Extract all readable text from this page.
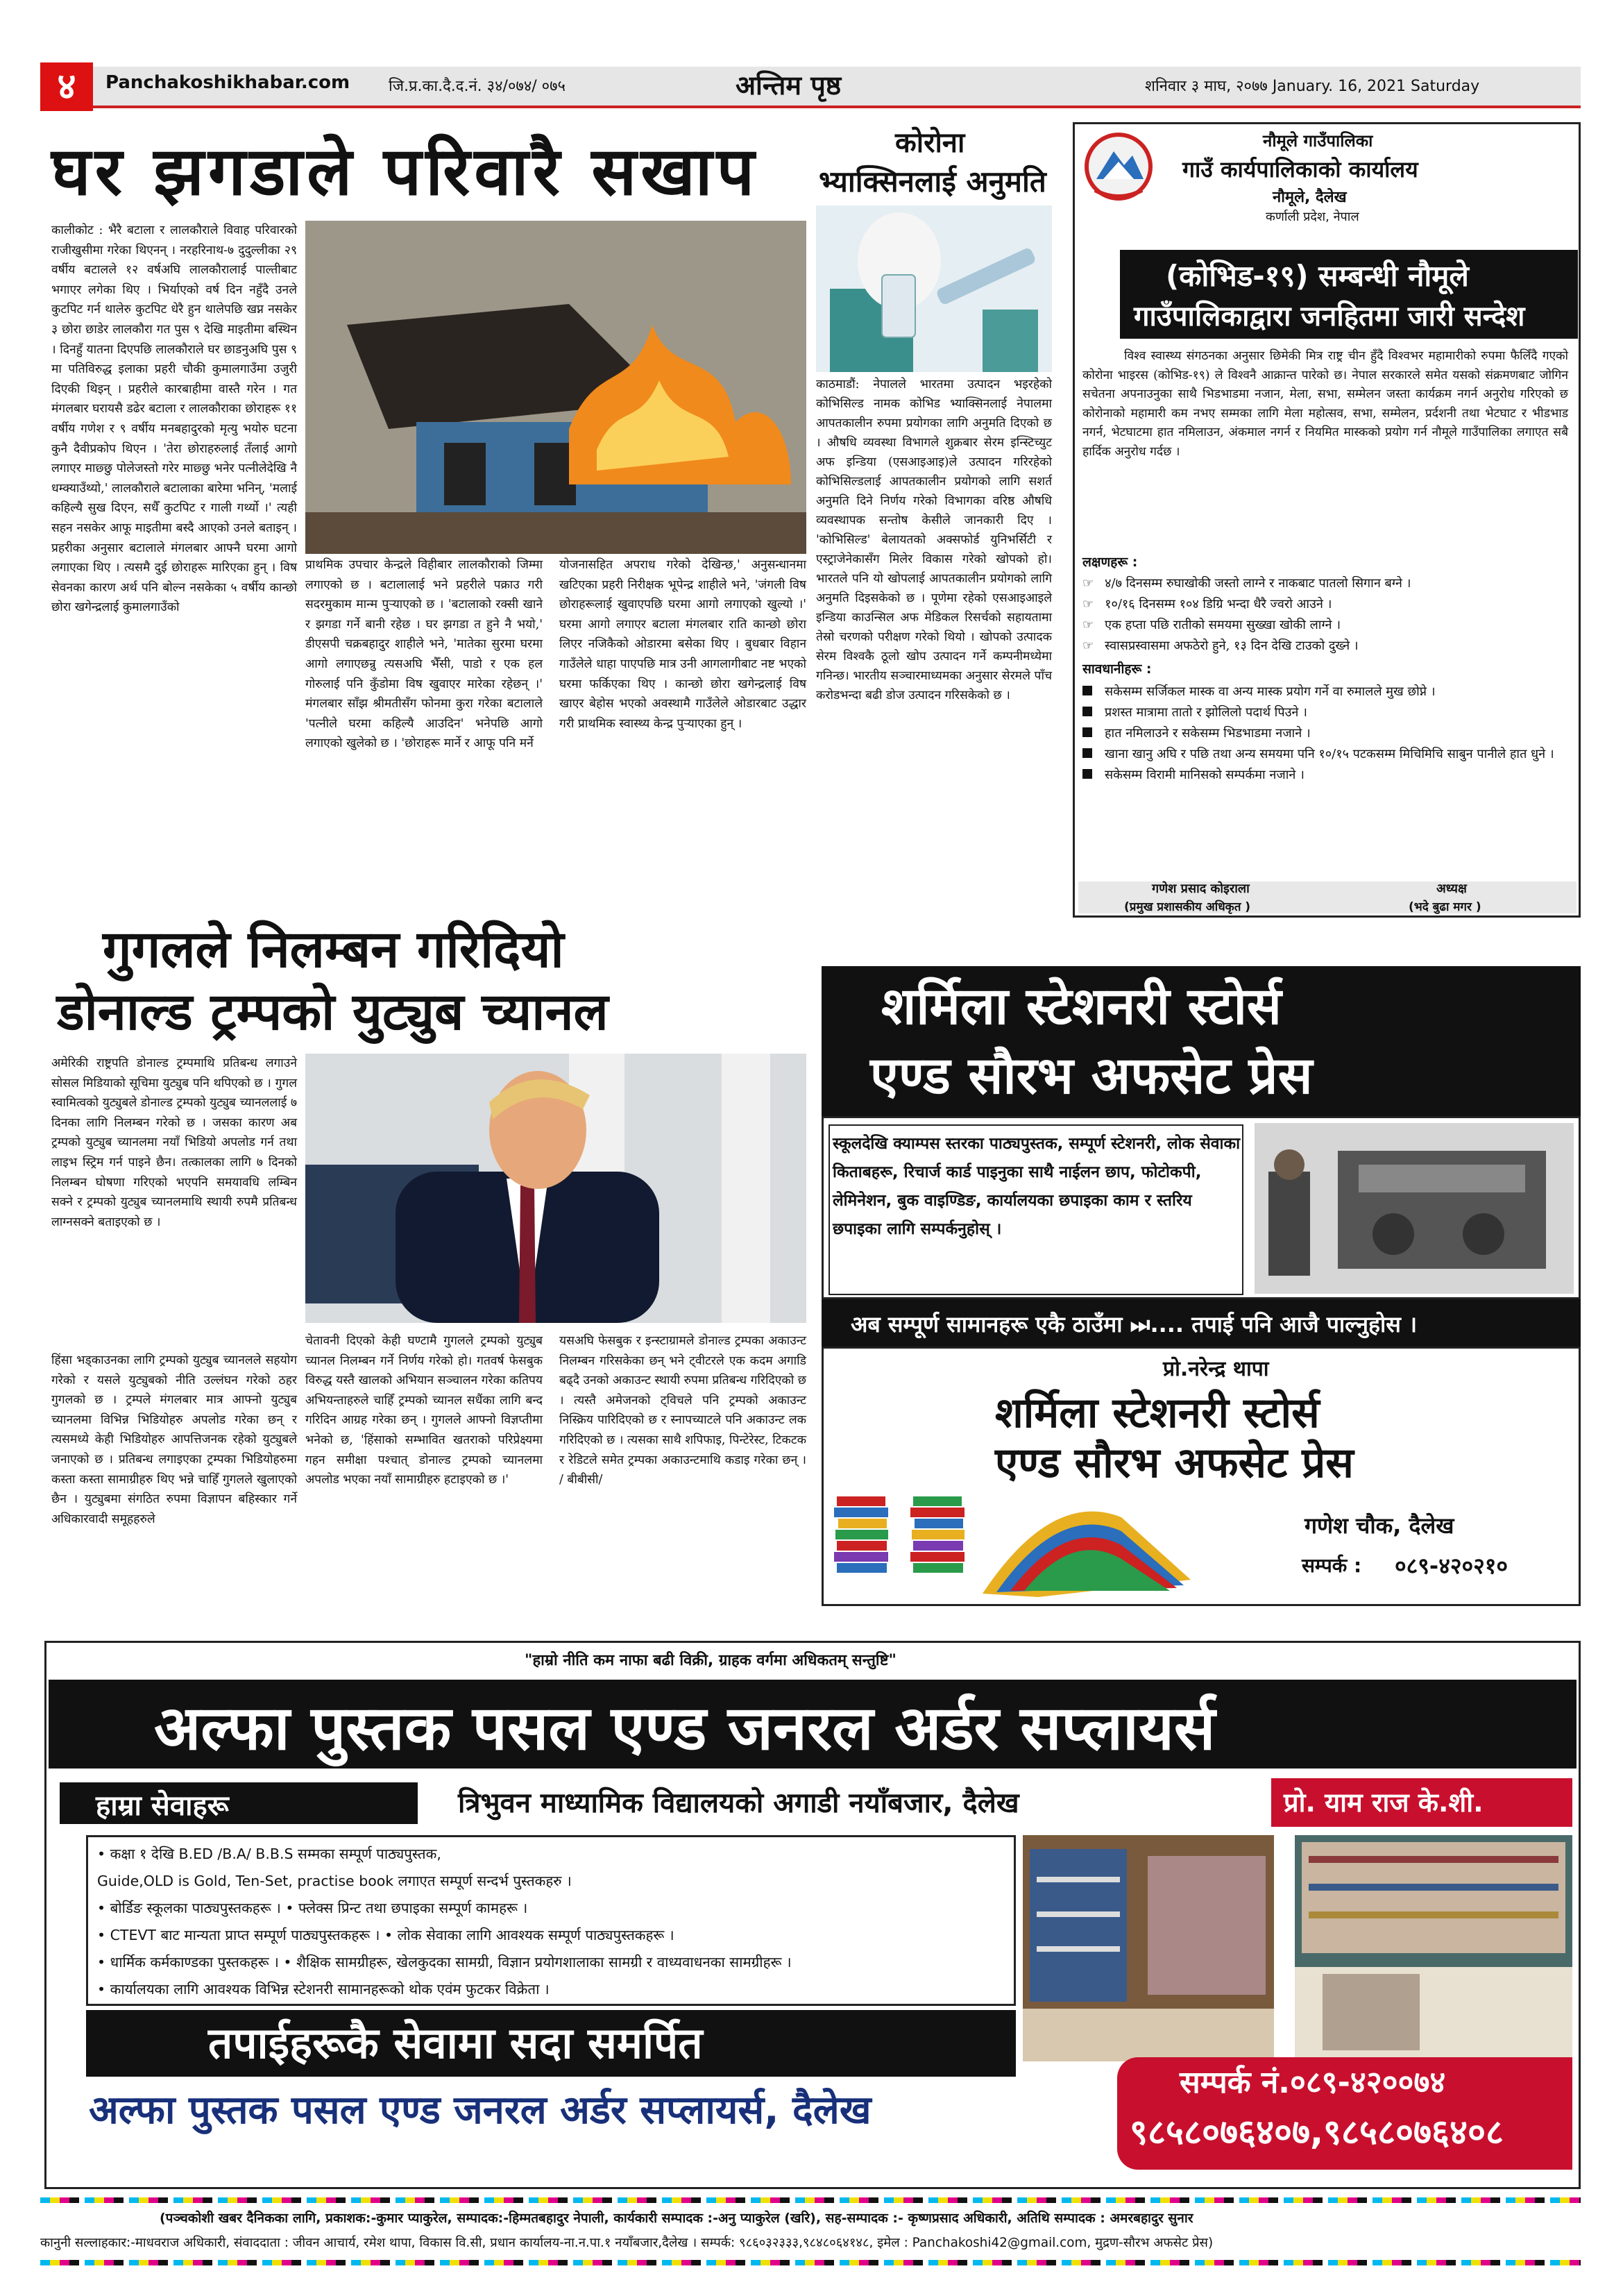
४	Panchakoshikhabar.com	जि.प्र.का.दै.द.नं. ३४/०७४/ ०७५	अन्तिम पृष्ठ	शनिवार ३ माघ, २०७७ January. 16, 2021 Saturday
घर झगडाले परिवारै सखाप

कालीकोट : भैरै बटाला र लालकौराले विवाह परिवारको राजीखुसीमा गरेका थिएनन् । नरहरिनाथ-७ दुदुल्लीका २९ वर्षीय बटालले १२ वर्षअघि लालकौरालाई पाल्तीबाट भगाएर लगेका थिए । भिर्याएको वर्ष दिन नहुँदै उनले कुटपिट गर्न थालेरु कुटपिट धेरै हुन थालेपछि खप्न नसकेर ३ छोरा छाडेर लालकौरा गत पुस ९ देखि माइतीमा बस्थिन । दिनहुँ यातना दिएपछि लालकौराले घर छाडनुअघि पुस ९ मा पतिविरुद्ध इलाका प्रहरी चौकी कुमालगाउँमा उजुरी दिएकी थिइन् । प्रहरीले कारबाहीमा वास्तै गरेन । गत मंगलबार घरायसै डढेर बटाला र लालकौराका छोराहरू ११ वर्षीय गणेश र ९ वर्षीय मनबहादुरको मृत्यु भयोरु घटना कुनै दैवीप्रकोप थिएन । 'तेरा छोराहरुलाई तँलाई आगो लगाएर माछ्छु पोलेजस्तो गरेर माछ्छु भनेर पत्नीलेदेखि नै धम्क्याउँथ्यो,' लालकौराले बटालाका बारेमा भनिन्, 'मलाई कहिल्यै सुख दिएन, सधैँ कुटपिट र गाली गर्थ्यो ।' त्यही सहन नसकेर आफू माइतीमा बस्दै आएको उनले बताइन् । प्रहरीका अनुसार बटालाले मंगलबार आफ्नै घरमा आगो लगाएका थिए । त्यसमै दुई छोराहरू मारिएका हुन् । विष सेवनका कारण अर्थ पनि बोल्न नसकेका ५ वर्षीय कान्छो छोरा खगेन्द्रलाई कुमालगाउँको

प्राथमिक उपचार केन्द्रले विहीबार लालकौराको जिम्मा लगाएको छ । बटालालाई भने प्रहरीले पक्राउ गरी सदरमुकाम मान्म पुऱ्याएको छ । 'बटालाको रक्सी खाने र झगडा गर्ने बानी रहेछ । घर झगडा त हुने नै भयो,' डीएसपी चक्रबहादुर शाहीले भने, 'मातेका सुरमा घरमा आगो लगाएछन्रु त्यसअघि भैँसी, पाडो र एक हल गोरुलाई पनि कुँडोमा विष खुवाएर मारेका रहेछन् ।' मंगलबार साँझ श्रीमतीसँग फोनमा कुरा गरेका बटालाले 'पत्नीले घरमा कहिल्यै आउदिन' भनेपछि आगो लगाएको खुलेको छ । 'छोराहरू मार्ने र आफू पनि मर्ने

योजनासहित अपराध गरेको देखिन्छ,' अनुसन्धानमा खटिएका प्रहरी निरीक्षक भूपेन्द्र शाहीले भने, 'जंगली विष छोराहरूलाई खुवाएपछि घरमा आगो लगाएको खुल्यो ।' घरमा आगो लगाएर बटाला मंगलबार राति कान्छो छोरा लिएर नजिकैको ओडारमा बसेका थिए । बुधबार विहान गाउँलेले धाहा पाएपछि मात्र उनी आगलागीबाट नष्ट भएको घरमा फर्किएका थिए । कान्छो छोरा खगेन्द्रलाई विष खाएर बेहोस भएको अवस्थामै गाउँलेले ओडारबाट उद्धार गरी प्राथमिक स्वास्थ्य केन्द्र पुऱ्याएका हुन् ।

कोरोना
भ्याक्सिनलाई अनुमति

काठमाडौं: नेपालले भारतमा उत्पादन भइरहेको कोभिसिल्ड नामक कोभिड भ्याक्सिनलाई नेपालमा आपतकालीन रुपमा प्रयोगका लागि अनुमति दिएको छ । औषधि व्यवस्था विभागले शुक्रबार सेरम इन्स्टिच्युट अफ इन्डिया (एसआइआइ)ले उत्पादन गरिरहेको कोभिसिल्डलाई आपतकालीन प्रयोगको लागि सशर्त अनुमति दिने निर्णय गरेको विभागका वरिष्ठ औषधि व्यवस्थापक सन्तोष केसीले जानकारी दिए । 'कोभिसिल्ड' बेलायतको अक्सफोर्ड युनिभर्सिटी र एस्ट्राजेनेकासँग मिलेर विकास गरेको खोपको हो। भारतले पनि यो खोपलाई आपतकालीन प्रयोगको लागि अनुमति दिइसकेको छ । पूणेमा रहेको एसआइआइले इन्डिया काउन्सिल अफ मेडिकल रिसर्चको सहायतामा तेस्रो चरणको परीक्षण गरेको थियो । खोपको उत्पादक सेरम विश्वकै ठूलो खोप उत्पादन गर्ने कम्पनीमध्येमा गनिन्छ। भारतीय सञ्चारमाध्यमका अनुसार सेरमले पाँच करोडभन्दा बढी डोज उत्पादन गरिसकेको छ ।

नौमूले गाउँपालिका
गाउँ कार्यपालिकाको कार्यालय
नौमूले, दैलेख
कर्णाली प्रदेश, नेपाल
(कोभिड-१९) सम्बन्धी नौमूले
गाउँपालिकाद्वारा जनहितमा जारी सन्देश

विश्व स्वास्थ्य संगठनका अनुसार छिमेकी मित्र राष्ट्र चीन हुँदै विश्वभर महामारीको रुपमा फैलिँदै गएको कोरोना भाइरस (कोभिड-१९) ले विश्वनै आक्रान्त पारेको छ। नेपाल सरकारले समेत यसको संक्रमणबाट जोगिन सचेतना अपनाउनुका साथै भिडभाडमा नजान, मेला, सभा, सम्मेलन जस्ता कार्यक्रम नगर्न अनुरोध गरिएको छ कोरोनाको महामारी कम नभए सम्मका लागि मेला महोत्सव, सभा, सम्मेलन, प्रर्दशनी तथा भेटघाट र भीडभाड नगर्न, भेटघाटमा हात नमिलाउन, अंकमाल नगर्न र नियमित मास्कको प्रयोग गर्न नौमूले गाउँपालिका लगाएत सबै हार्दिक अनुरोध गर्दछ ।

लक्षणहरू :
☞ ४/७ दिनसम्म रुघाखोकी जस्तो लाग्ने र नाकबाट पातलो सिगान बग्ने ।
☞ १०/१६ दिनसम्म १०४ डिग्रि भन्दा धैरै ज्वरो आउने ।
☞ एक हप्ता पछि रातीको समयमा सुख्खा खोकी लाग्ने ।
☞ स्वासप्रस्वासमा अफठेरो हुने, १३ दिन देखि टाउको दुख्ने ।
सावधानीहरू :
सकेसम्म सर्जिकल मास्क वा अन्य मास्क प्रयोग गर्ने वा रुमालले मुख छोप्ने ।
प्रशस्त मात्रामा तातो र झोलिलो पदार्थ पिउने ।
हात नमिलाउने र सकेसम्म भिडभाडमा नजाने ।
खाना खानु अघि र पछि तथा अन्य समयमा पनि १०/१५ पटकसम्म मिचिमिचि साबुन पानीले हात धुने ।
सकेसम्म विरामी मानिसको सम्पर्कमा नजाने ।
गणेश प्रसाद कोइराला
(प्रमुख प्रशासकीय अधिकृत )
अध्यक्ष
(भदे बुढा मगर )
गुगलले निलम्बन गरिदियो
डोनाल्ड ट्रम्पको युट्युब च्यानल

अमेरिकी राष्ट्रपति डोनाल्ड ट्रम्पमाथि प्रतिबन्ध लगाउने सोसल मिडियाको सूचिमा युट्युब पनि थपिएको छ । गुगल स्वामित्वको युट्युबले डोनाल्ड ट्रम्पको युट्युब च्यानललाई ७ दिनका लागि निलम्बन गरेको छ । जसका कारण अब ट्रम्पको युट्युब च्यानलमा नयाँ भिडियो अपलोड गर्न तथा लाइभ स्ट्रिम गर्न पाइने छैन। तत्कालका लागि ७ दिनको निलम्बन घोषणा गरिएको भएपनि समयावधि लम्बिन सक्ने र ट्रम्पको युट्युब च्यानलमाथि स्थायी रुपमै प्रतिबन्ध लाग्नसक्ने बताइएको छ ।

हिंसा भड्काउनका लागि ट्रम्पको युट्युब च्यानलले सहयोग गरेको र यसले युट्युबको नीति उल्लंघन गरेको ठहर गुगलको छ । ट्रम्पले मंगलबार मात्र आफ्नो युट्युब च्यानलमा विभिन्न भिडियोहरु अपलोड गरेका छन् र त्यसमध्ये केही भिडियोहरु आपत्तिजनक रहेको युट्युबले जनाएको छ । प्रतिबन्ध लगाइएका ट्रम्पका भिडियोहरुमा कस्ता कस्ता सामाग्रीहरु थिए भन्ने चाहिँ गुगलले खुलाएको छैन । युट्युबमा संगठित रुपमा विज्ञापन बहिस्कार गर्ने अधिकारवादी समूहहरुले

चेतावनी दिएको केही घण्टामै गुगलले ट्रम्पको युट्युब च्यानल निलम्बन गर्ने निर्णय गरेको हो। गतवर्ष फेसबुक विरुद्ध यस्तै खालको अभियान सञ्चालन गरेका कतिपय अभियन्ताहरुले चाहिँ ट्रम्पको च्यानल सधैंका लागि बन्द गरिदिन आग्रह गरेका छन् । गुगलले आफ्नो विज्ञप्तीमा भनेको छ, 'हिंसाको सम्भावित खतराको परिप्रेक्ष्यमा गहन समीक्षा पश्चात् डोनाल्ड ट्रम्पको च्यानलमा अपलोड भएका नयाँ सामाग्रीहरु हटाइएको छ ।'

यसअघि फेसबुक र इन्स्टाग्रामले डोनाल्ड ट्रम्पका अकाउन्ट निलम्बन गरिसकेका छन् भने ट्वीटरले एक कदम अगाडि बढ्दै उनको अकाउन्ट स्थायी रुपमा प्रतिबन्ध गरिदिएको छ । त्यस्तै अमेजनको ट्विचले पनि ट्रम्पको अकाउन्ट निस्क्रिय पारिदिएको छ र स्नापच्याटले पनि अकाउन्ट लक गरिदिएको छ । त्यसका साथै शपिफाइ, पिन्टेरेस्ट, टिकटक र रेडिटले समेत ट्रम्पका अकाउन्टमाथि कडाइ गरेका छन् । / बीबीसी/

शर्मिला स्टेशनरी स्टोर्स
एण्ड सौरभ अफसेट प्रेस
स्कूलदेखि क्याम्पस स्तरका पाठ्यपुस्तक, सम्पूर्ण स्टेशनरी, लोक सेवाका किताबहरू, रिचार्ज कार्ड पाइनुका साथै नाईलन छाप, फोटोकपी, लेमिनेशन, बुक वाइण्डिङ, कार्यालयका छपाइका काम र स्तरिय छपाइका लागि सम्पर्कनुहोस् ।
अब सम्पूर्ण सामानहरू एकै ठाउँमा ⏭.... तपाई पनि आजै पाल्नुहोस ।
प्रो.नरेन्द्र थापा
शर्मिला स्टेशनरी स्टोर्स
एण्ड सौरभ अफसेट प्रेस
गणेश चौक, दैलेख
सम्पर्क : ०८९-४२०२१०
"हाम्रो नीति कम नाफा बढी विक्री, ग्राहक वर्गमा अधिकतम् सन्तुष्टि"
अल्फा पुस्तक पसल एण्ड जनरल अर्डर सप्लायर्स
हाम्रा सेवाहरू	त्रिभुवन माध्यामिक विद्यालयको अगाडी नयाँबजार, दैलेख	प्रो. याम राज के.शी.
• कक्षा १ देखि B.ED /B.A/ B.B.S सम्मका सम्पूर्ण पाठ्यपुस्तक,
Guide,OLD is Gold, Ten-Set, practise book लगाएत सम्पूर्ण सन्दर्भ पुस्तकहरु ।
• बोर्डिङ स्कूलका पाठ्यपुस्तकहरू । • फ्लेक्स प्रिन्ट तथा छपाइका सम्पूर्ण कामहरू ।
• CTEVT बाट मान्यता प्राप्त सम्पूर्ण पाठ्यपुस्तकहरू । • लोक सेवाका लागि आवश्यक सम्पूर्ण पाठ्यपुस्तकहरू ।
• धार्मिक कर्मकाण्डका पुस्तकहरू । • शैक्षिक सामग्रीहरू, खेलकुदका सामग्री, विज्ञान प्रयोगशालाका सामग्री र वाध्यवाधनका सामग्रीहरू ।
• कार्यालयका लागि आवश्यक विभिन्न स्टेशनरी सामानहरूको थोक एवंम फुटकर विक्रेता ।
तपाईहरूकै सेवामा सदा समर्पित
अल्फा पुस्तक पसल एण्ड जनरल अर्डर सप्लायर्स, दैलेख
सम्पर्क नं.०८९-४२००७४
९८५८०७६४०७,९८५८०७६४०८
(पञ्चकोशी खबर दैनिकका लागि, प्रकाशक:-कुमार प्याकुरेल, सम्पादक:-हिम्मतबहादुर नेपाली, कार्यकारी सम्पादक :-अनु प्याकुरेल (खरि), सह-सम्पादक :- कृष्णप्रसाद अधिकारी, अतिथि सम्पादक : अमरबहादुर सुनार
कानुनी सल्लाहकार:-माधवराज अधिकारी, संवाददाता : जीवन आचार्य, रमेश थापा, विकास वि.सी, प्रधान कार्यालय-ना.न.पा.१ नयाँबजार,दैलेख । सम्पर्क: ९८६०३२३३३,९८४८०६४१४८, इमेल : Panchakoshi42@gmail.com, मुद्रण-सौरभ अफसेट प्रेस)
